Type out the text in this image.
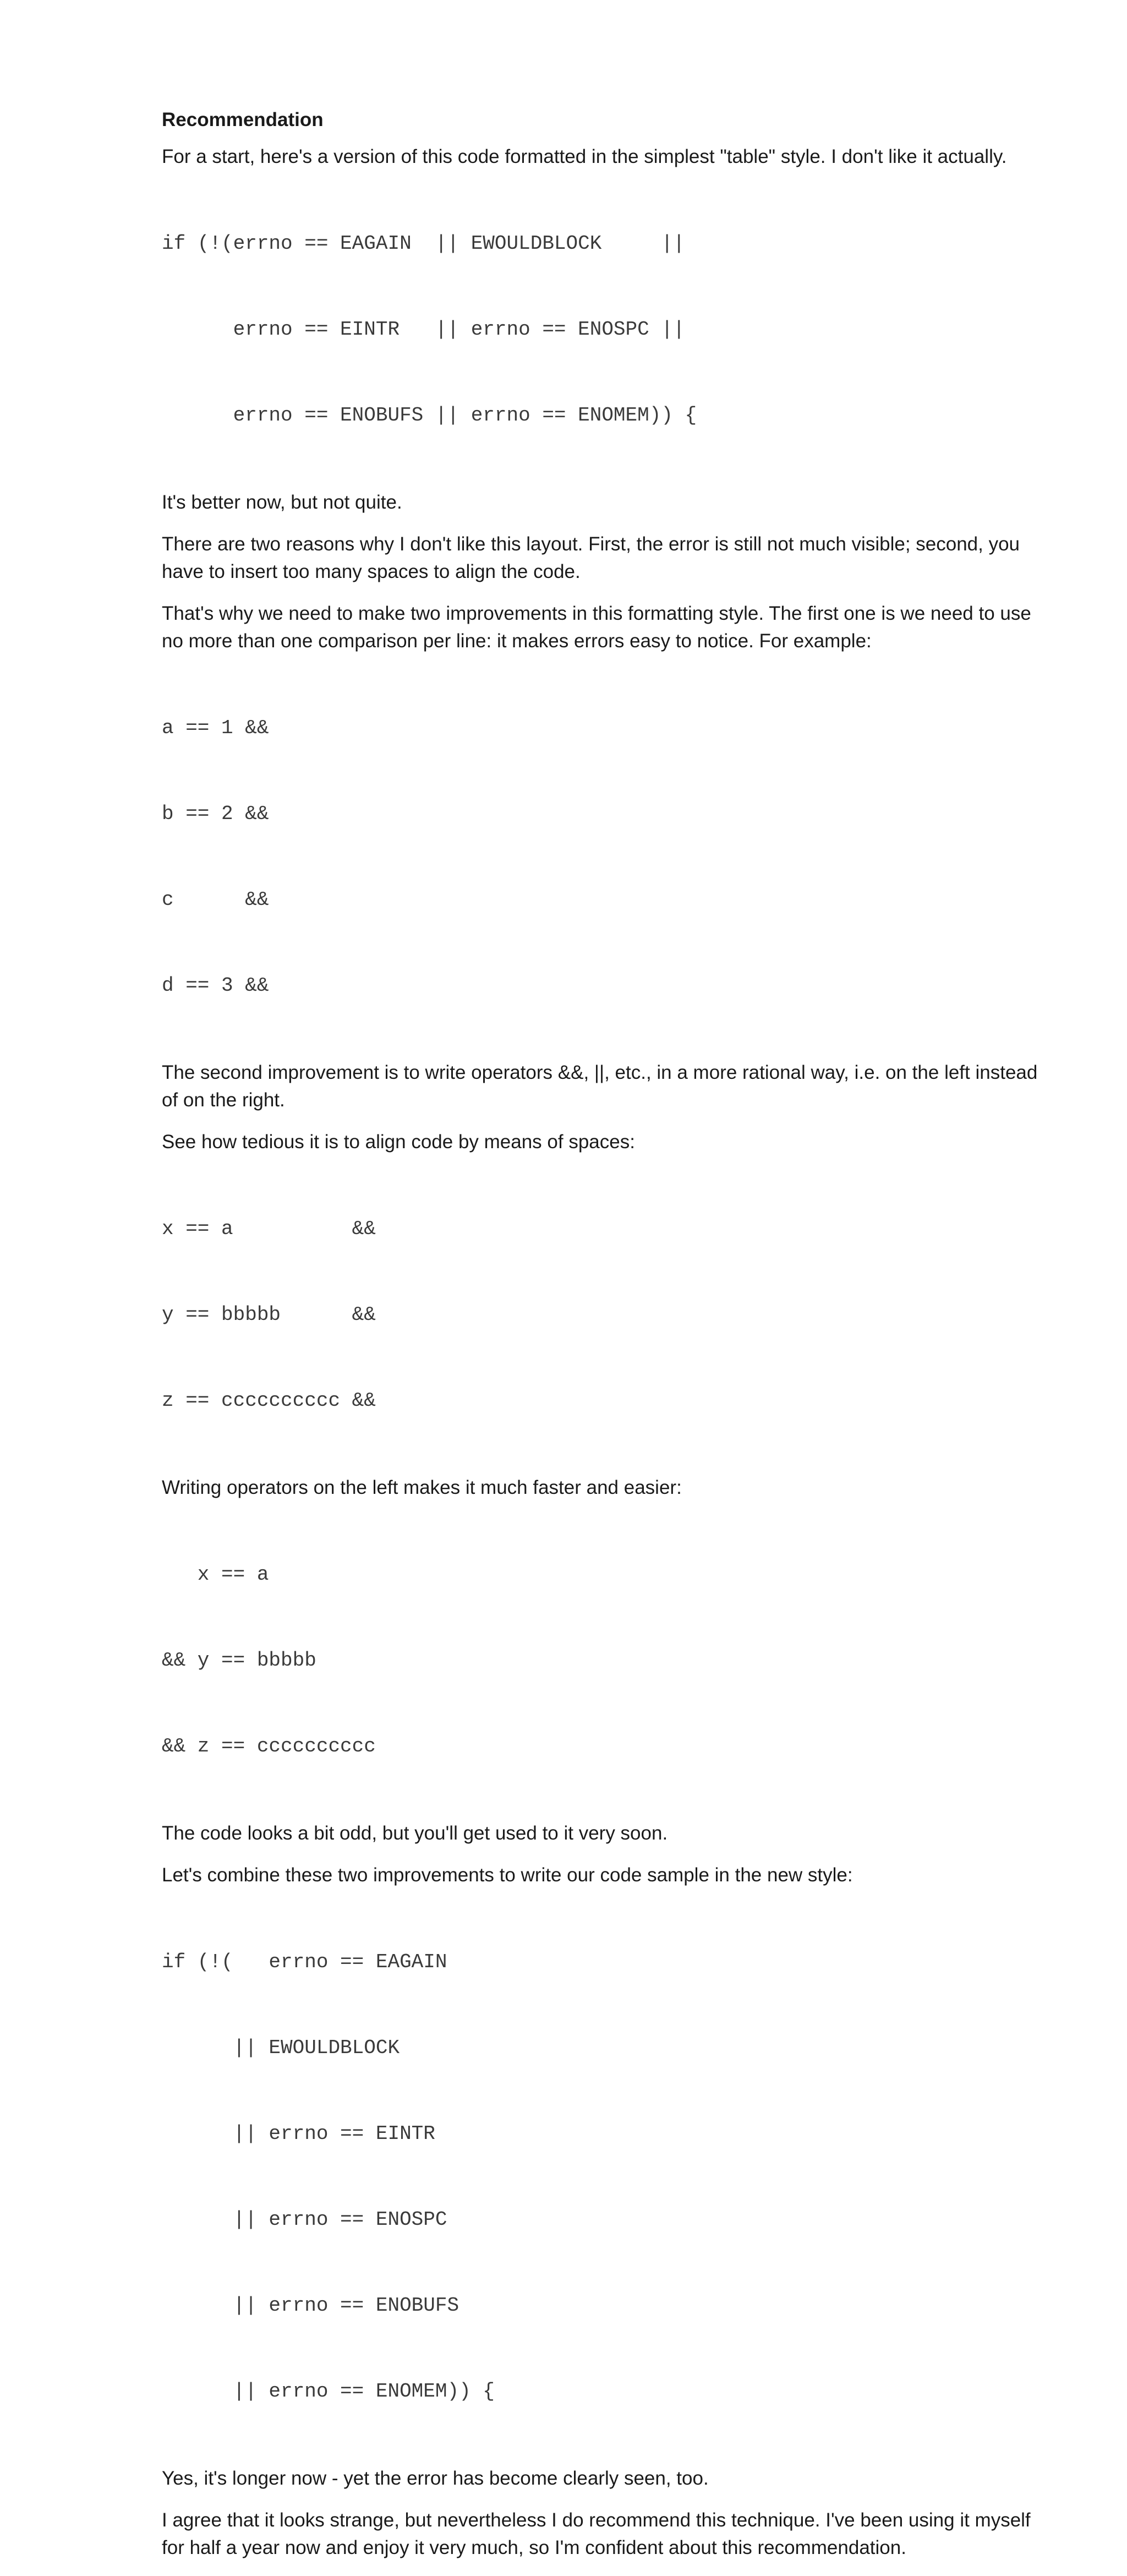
Recommendation

For a start, here's a version of this code formatted in the simplest "table" style. I don't like it actually.

if (!(errno == EAGAIN  || EWOULDBLOCK     ||

errno == EINTR   || errno == ENOSPC ||

errno == ENOBUFS || errno == ENOMEM)) {

It's better now, but not quite.

There are two reasons why I don't like this layout. First, the error is still not much visible; second, you have to insert too many spaces to align the code.

That's why we need to make two improvements in this formatting style. The first one is we need to use no more than one comparison per line: it makes errors easy to notice. For example:

a == 1 &&

b == 2 &&

c      &&

d == 3 &&

The second improvement is to write operators &&, ||, etc., in a more rational way, i.e. on the left instead of on the right.

See how tedious it is to align code by means of spaces:

x == a          &&

y == bbbbb      &&

z == cccccccccc &&

Writing operators on the left makes it much faster and easier:

x == a

&& y == bbbbb

&& z == cccccccccc

The code looks a bit odd, but you'll get used to it very soon.

Let's combine these two improvements to write our code sample in the new style:

if (!(   errno == EAGAIN

|| EWOULDBLOCK

|| errno == EINTR

|| errno == ENOSPC

|| errno == ENOBUFS

|| errno == ENOMEM)) {

Yes, it's longer now - yet the error has become clearly seen, too.

I agree that it looks strange, but nevertheless I do recommend this technique. I've been using it myself for half a year now and enjoy it very much, so I'm confident about this recommendation.
